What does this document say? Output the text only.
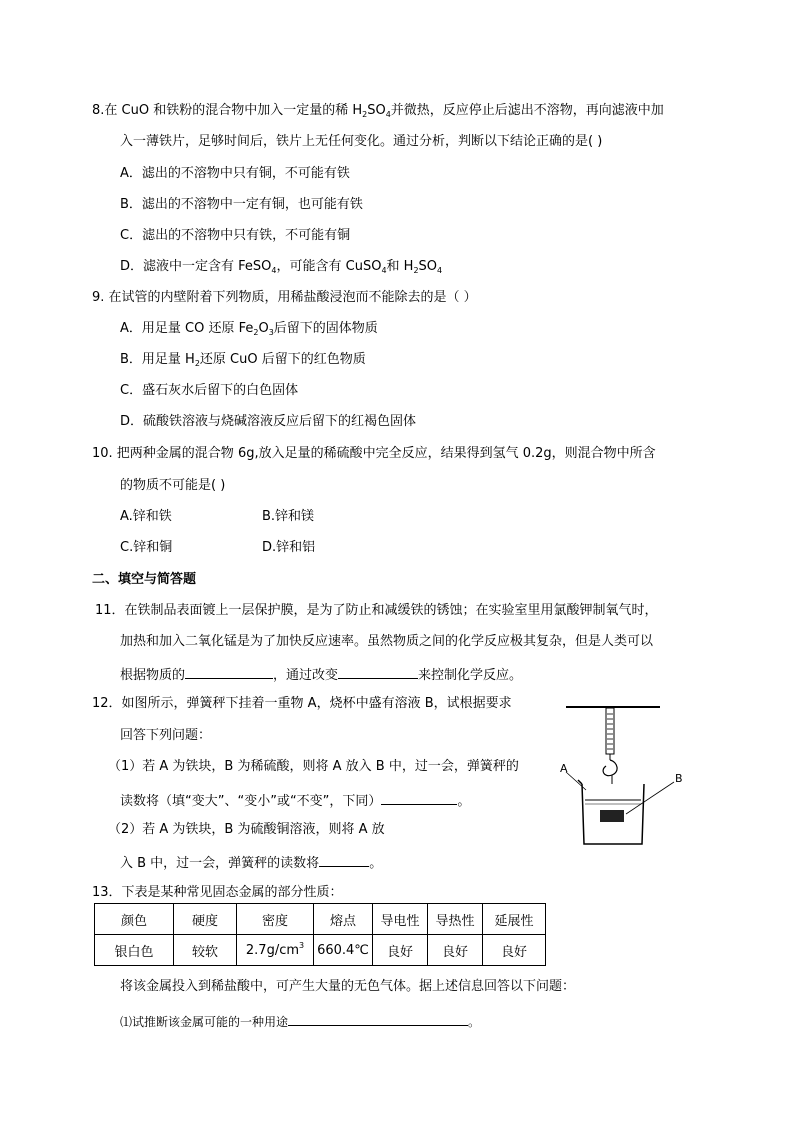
8.在 CuO 和铁粉的混合物中加入一定量的稀 $H_2SO_4$并微热，反应停止后滤出不溶物，再向滤液中加
入一薄铁片，足够时间后，铁片上无任何变化。通过分析，判断以下结论正确的是( )
A．滤出的不溶物中只有铜，不可能有铁
B．滤出的不溶物中一定有铜，也可能有铁
C．滤出的不溶物中只有铁，不可能有铜
D．滤液中一定含有 FeSO$_4$，可能含有 CuSO$_4$和 $H_2SO_4$
9. 在试管的内壁附着下列物质，用稀盐酸浸泡而不能除去的是（ ）
A．用足量 CO 还原 $Fe_2O_3$后留下的固体物质
B．用足量 $H_2$还原 CuO 后留下的红色物质
C．盛石灰水后留下的白色固体
D．硫酸铁溶液与烧碱溶液反应后留下的红褐色固体
10. 把两种金属的混合物 6g,放入足量的稀硫酸中完全反应，结果得到氢气 0.2g，则混合物中所含
的物质不可能是( )
A.锌和铁	B.锌和镁
C.锌和铜	D.锌和铝
二、填空与简答题
11．在铁制品表面镀上一层保护膜，是为了防止和减缓铁的锈蚀；在实验室里用氯酸钾制氧气时，
加热和加入二氧化锰是为了加快反应速率。虽然物质之间的化学反应极其复杂，但是人类可以
根据物质的	，通过改变	来控制化学反应。
12．如图所示，弹簧秤下挂着一重物 A，烧杯中盛有溶液 B，试根据要求
回答下列问题：
（1）若 A 为铁块，B 为稀硫酸，则将 A 放入 B 中，过一会，弹簧秤的
读数将（填“变大”、“变小”或“不变”，下同）	。
（2）若 A 为铁块，B 为硫酸铜溶液，则将 A 放
入 B 中，过一会，弹簧秤的读数将	。
A
B
13．下表是某种常见固态金属的部分性质：
颜色	硬度	密度	熔点	导电性	导热性	延展性
银白色	较软	$2.7g/cm^3$	660.4℃	良好	良好	良好
将该金属投入到稀盐酸中，可产生大量的无色气体。据上述信息回答以下问题：
⑴试推断该金属可能的一种用途	。
